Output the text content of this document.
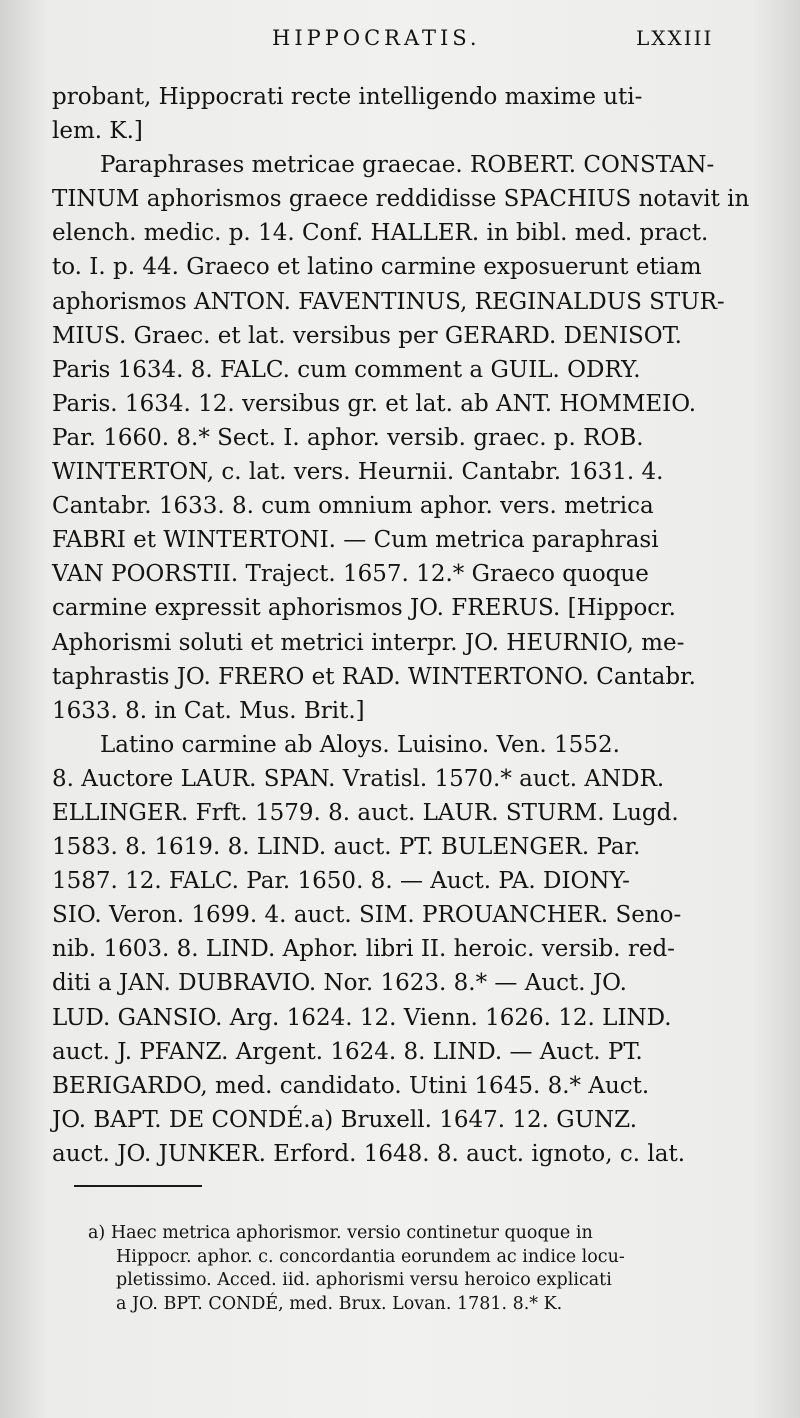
HIPPOCRATIS.	LXXIII
probant, Hippocrati recte intelligendo maxime uti-
lem. K.]
Paraphrases metricae graecae. ROBERT. CONSTAN-
TINUM aphorismos graece reddidisse SPACHIUS notavit in
elench. medic. p. 14. Conf. HALLER. in bibl. med. pract.
to. I. p. 44. Graeco et latino carmine exposuerunt etiam
aphorismos ANTON. FAVENTINUS, REGINALDUS STUR-
MIUS. Graec. et lat. versibus per GERARD. DENISOT.
Paris 1634. 8. FALC. cum comment a GUIL. ODRY.
Paris. 1634. 12. versibus gr. et lat. ab ANT. HOMMEIO.
Par. 1660. 8.* Sect. I. aphor. versib. graec. p. ROB.
WINTERTON, c. lat. vers. Heurnii. Cantabr. 1631. 4.
Cantabr. 1633. 8. cum omnium aphor. vers. metrica
FABRI et WINTERTONI. — Cum metrica paraphrasi
VAN POORSTII. Traject. 1657. 12.* Graeco quoque
carmine expressit aphorismos JO. FRERUS. [Hippocr.
Aphorismi soluti et metrici interpr. JO. HEURNIO, me-
taphrastis JO. FRERO et RAD. WINTERTONO. Cantabr.
1633. 8. in Cat. Mus. Brit.]
Latino carmine ab Aloys. Luisino. Ven. 1552.
8. Auctore LAUR. SPAN. Vratisl. 1570.* auct. ANDR.
ELLINGER. Frft. 1579. 8. auct. LAUR. STURM. Lugd.
1583. 8. 1619. 8. LIND. auct. PT. BULENGER. Par.
1587. 12. FALC. Par. 1650. 8. — Auct. PA. DIONY-
SIO. Veron. 1699. 4. auct. SIM. PROUANCHER. Seno-
nib. 1603. 8. LIND. Aphor. libri II. heroic. versib. red-
diti a JAN. DUBRAVIO. Nor. 1623. 8.* — Auct. JO.
LUD. GANSIO. Arg. 1624. 12. Vienn. 1626. 12. LIND.
auct. J. PFANZ. Argent. 1624. 8. LIND. — Auct. PT.
BERIGARDO, med. candidato. Utini 1645. 8.* Auct.
JO. BAPT. DE CONDÉ.a) Bruxell. 1647. 12. GUNZ.
auct. JO. JUNKER. Erford. 1648. 8. auct. ignoto, c. lat.
a) Haec metrica aphorismor. versio continetur quoque in
Hippocr. aphor. c. concordantia eorundem ac indice locu-
pletissimo. Acced. iid. aphorismi versu heroico explicati
a JO. BPT. CONDÉ, med. Brux. Lovan. 1781. 8.* K.
